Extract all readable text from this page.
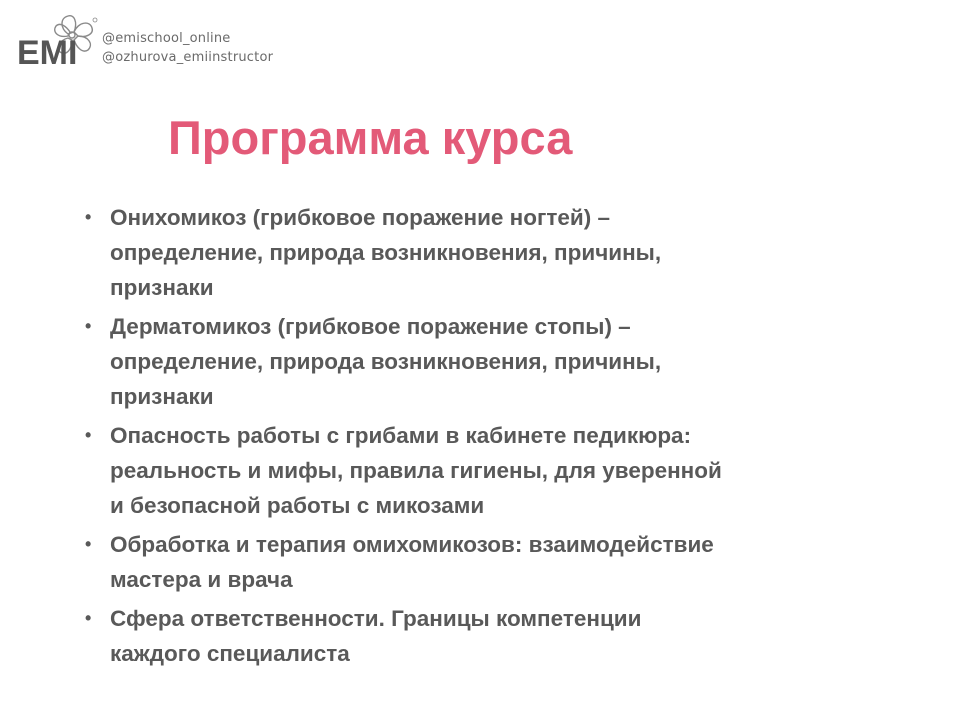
EMI @emischool_online
@ozhurova_emiinstructor
Программа курса
• Онихомикоз (грибковое поражение ногтей) –
определение, природа возникновения, причины,
признаки
• Дерматомикоз (грибковое поражение стопы) –
определение, природа возникновения, причины,
признаки
• Опасность работы с грибами в кабинете педикюра:
реальность и мифы, правила гигиены, для уверенной
и безопасной работы с микозами
• Обработка и терапия омихомикозов: взаимодействие
мастера и врача
• Сфера ответственности. Границы компетенции
каждого специалиста
